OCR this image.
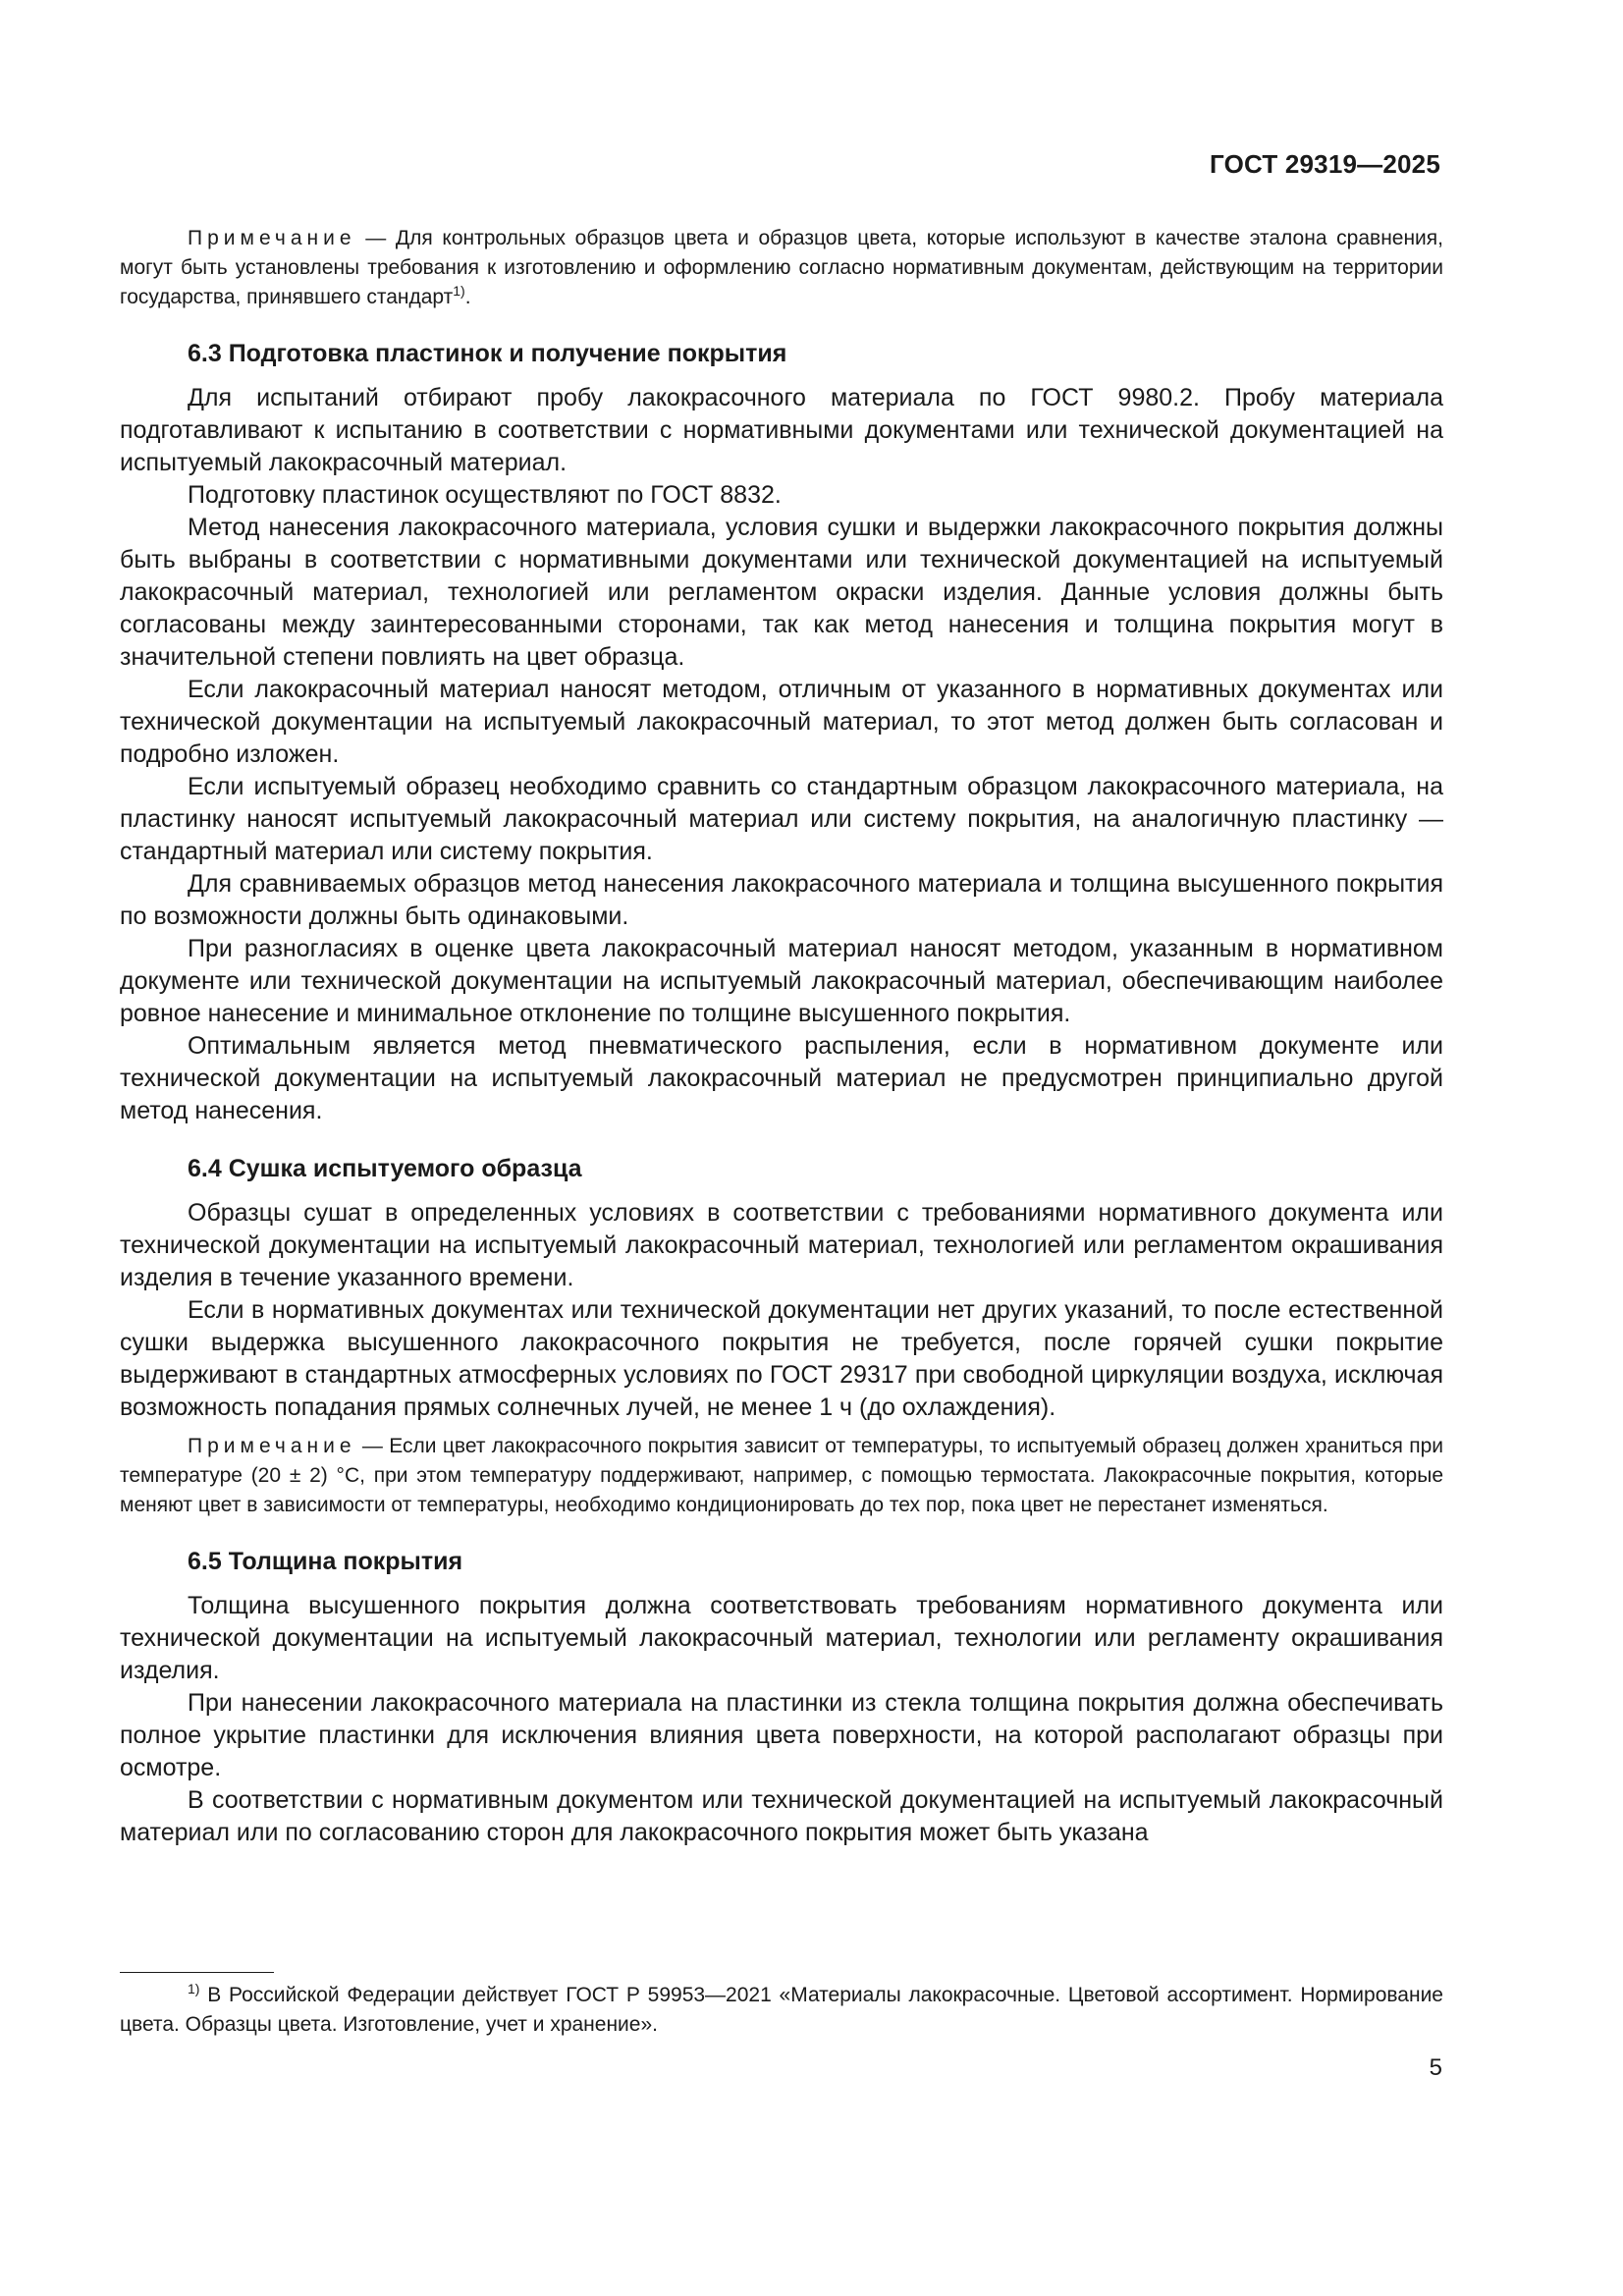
ГОСТ 29319—2025

Примечание — Для контрольных образцов цвета и образцов цвета, которые используют в качестве эталона сравнения, могут быть установлены требования к изготовлению и оформлению согласно нормативным документам, действующим на территории государства, принявшего стандарт$^{1)}$.

6.3 Подготовка пластинок и получение покрытия

Для испытаний отбирают пробу лакокрасочного материала по ГОСТ 9980.2. Пробу материала подготавливают к испытанию в соответствии с нормативными документами или технической документацией на испытуемый лакокрасочный материал.

Подготовку пластинок осуществляют по ГОСТ 8832.

Метод нанесения лакокрасочного материала, условия сушки и выдержки лакокрасочного покрытия должны быть выбраны в соответствии с нормативными документами или технической документацией на испытуемый лакокрасочный материал, технологией или регламентом окраски изделия. Данные условия должны быть согласованы между заинтересованными сторонами, так как метод нанесения и толщина покрытия могут в значительной степени повлиять на цвет образца.

Если лакокрасочный материал наносят методом, отличным от указанного в нормативных документах или технической документации на испытуемый лакокрасочный материал, то этот метод должен быть согласован и подробно изложен.

Если испытуемый образец необходимо сравнить со стандартным образцом лакокрасочного материала, на пластинку наносят испытуемый лакокрасочный материал или систему покрытия, на аналогичную пластинку — стандартный материал или систему покрытия.

Для сравниваемых образцов метод нанесения лакокрасочного материала и толщина высушенного покрытия по возможности должны быть одинаковыми.

При разногласиях в оценке цвета лакокрасочный материал наносят методом, указанным в нормативном документе или технической документации на испытуемый лакокрасочный материал, обеспечивающим наиболее ровное нанесение и минимальное отклонение по толщине высушенного покрытия.

Оптимальным является метод пневматического распыления, если в нормативном документе или технической документации на испытуемый лакокрасочный материал не предусмотрен принципиально другой метод нанесения.

6.4 Сушка испытуемого образца

Образцы сушат в определенных условиях в соответствии с требованиями нормативного документа или технической документации на испытуемый лакокрасочный материал, технологией или регламентом окрашивания изделия в течение указанного времени.

Если в нормативных документах или технической документации нет других указаний, то после естественной сушки выдержка высушенного лакокрасочного покрытия не требуется, после горячей сушки покрытие выдерживают в стандартных атмосферных условиях по ГОСТ 29317 при свободной циркуляции воздуха, исключая возможность попадания прямых солнечных лучей, не менее 1 ч (до охлаждения).

Примечание — Если цвет лакокрасочного покрытия зависит от температуры, то испытуемый образец должен храниться при температуре (20 ± 2) °С, при этом температуру поддерживают, например, с помощью термостата. Лакокрасочные покрытия, которые меняют цвет в зависимости от температуры, необходимо кондиционировать до тех пор, пока цвет не перестанет изменяться.

6.5 Толщина покрытия

Толщина высушенного покрытия должна соответствовать требованиям нормативного документа или технической документации на испытуемый лакокрасочный материал, технологии или регламенту окрашивания изделия.

При нанесении лакокрасочного материала на пластинки из стекла толщина покрытия должна обеспечивать полное укрытие пластинки для исключения влияния цвета поверхности, на которой располагают образцы при осмотре.

В соответствии с нормативным документом или технической документацией на испытуемый лакокрасочный материал или по согласованию сторон для лакокрасочного покрытия может быть указана

$^{1)}$ В Российской Федерации действует ГОСТ Р 59953—2021 «Материалы лакокрасочные. Цветовой ассортимент. Нормирование цвета. Образцы цвета. Изготовление, учет и хранение».

5
